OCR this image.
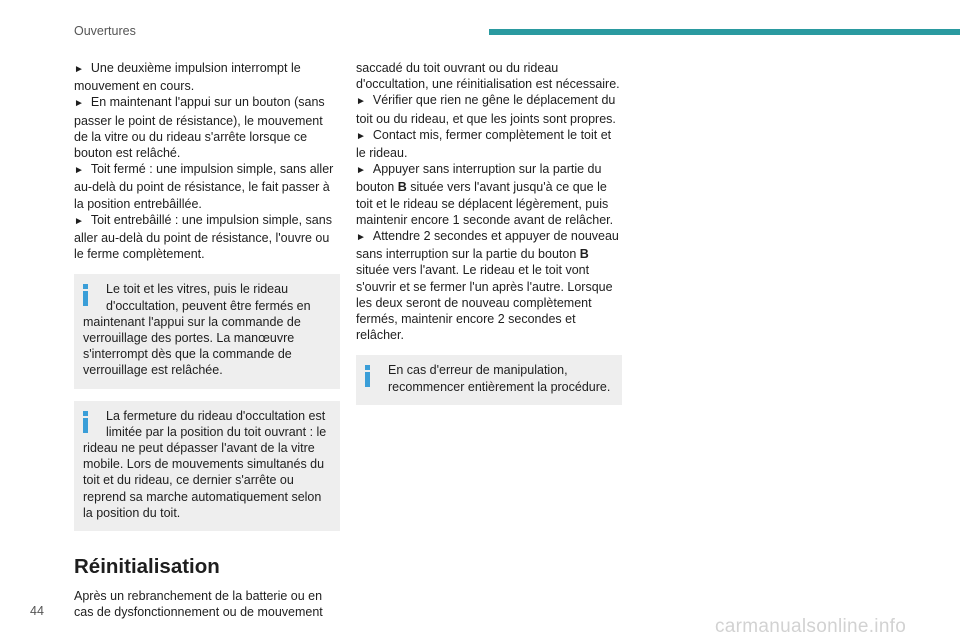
Ouvertures

► Une deuxième impulsion interrompt le mouvement en cours.

► En maintenant l'appui sur un bouton (sans passer le point de résistance), le mouvement de la vitre ou du rideau s'arrête lorsque ce bouton est relâché.

► Toit fermé : une impulsion simple, sans aller au-delà du point de résistance, le fait passer à la position entrebâillée.

► Toit entrebâillé : une impulsion simple, sans aller au-delà du point de résistance, l'ouvre ou le ferme complètement.

Le toit et les vitres, puis le rideau d'occultation, peuvent être fermés en
maintenant l'appui sur la commande de verrouillage des portes. La manœuvre s'interrompt dès que la commande de verrouillage est relâchée.
La fermeture du rideau d'occultation est limitée par la position du toit ouvrant : le
rideau ne peut dépasser l'avant de la vitre mobile. Lors de mouvements simultanés du toit et du rideau, ce dernier s'arrête ou reprend sa marche automatiquement selon la position du toit.
Réinitialisation

Après un rebranchement de la batterie ou en cas de dysfonctionnement ou de mouvement

saccadé du toit ouvrant ou du rideau d'occultation, une réinitialisation est nécessaire.

► Vérifier que rien ne gêne le déplacement du toit ou du rideau, et que les joints sont propres.

► Contact mis, fermer complètement le toit et le rideau.

► Appuyer sans interruption sur la partie du bouton B située vers l'avant jusqu'à ce que le toit et le rideau se déplacent légèrement, puis maintenir encore 1 seconde avant de relâcher.

► Attendre 2 secondes et appuyer de nouveau sans interruption sur la partie du bouton B située vers l'avant. Le rideau et le toit vont s'ouvrir et se fermer l'un après l'autre. Lorsque les deux seront de nouveau complètement fermés, maintenir encore 2 secondes et relâcher.

En cas d'erreur de manipulation,
recommencer entièrement la procédure.
44
carmanualsonline.info
